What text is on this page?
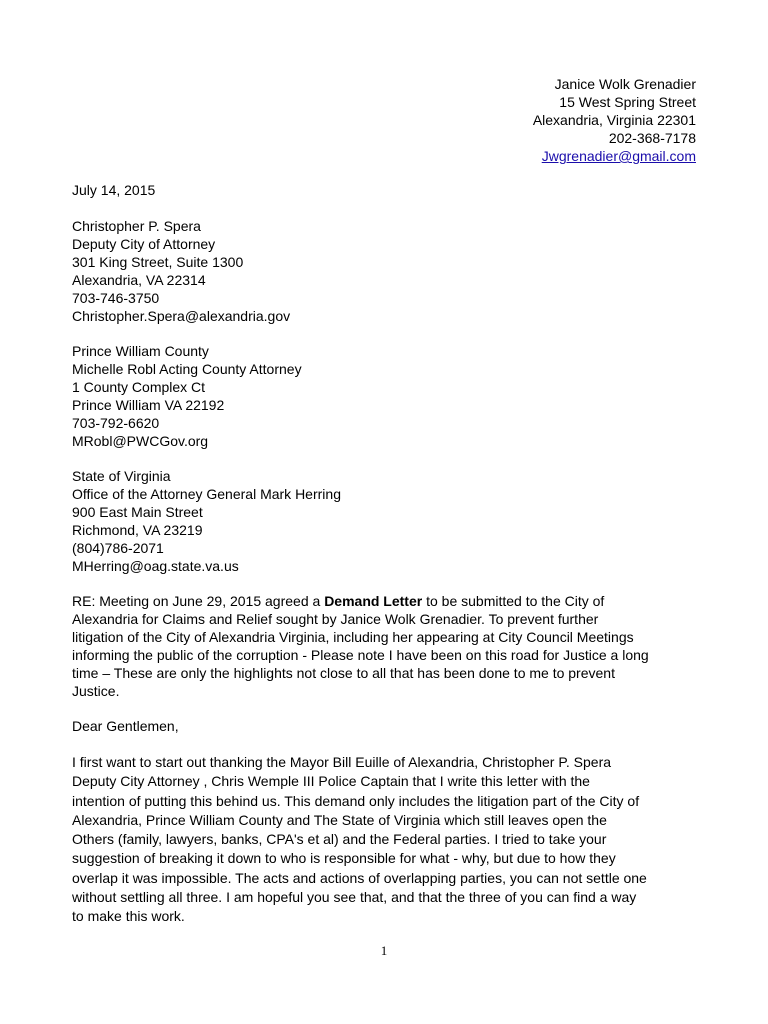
Janice Wolk Grenadier
15 West Spring Street
Alexandria, Virginia 22301
202-368-7178
Jwgrenadier@gmail.com
July 14, 2015
Christopher P. Spera
Deputy City of Attorney
301 King Street, Suite 1300
Alexandria, VA 22314
703-746-3750
Christopher.Spera@alexandria.gov
Prince William County
Michelle Robl Acting County Attorney
1 County Complex Ct
Prince William VA 22192
703-792-6620
MRobl@PWCGov.org
State of Virginia
Office of the Attorney General Mark Herring
900 East Main Street
Richmond, VA 23219
(804)786-2071
MHerring@oag.state.va.us
RE: Meeting on June 29, 2015 agreed a Demand Letter to be submitted to the City of
Alexandria for Claims and Relief sought by Janice Wolk Grenadier. To prevent further
litigation of the City of Alexandria Virginia, including her appearing at City Council Meetings
informing the public of the corruption - Please note I have been on this road for Justice a long
time – These are only the highlights not close to all that has been done to me to prevent
Justice.
Dear Gentlemen,
I first want to start out thanking the Mayor Bill Euille of Alexandria, Christopher P. Spera
Deputy City Attorney , Chris Wemple III Police Captain that I write this letter with the
intention of putting this behind us. This demand only includes the litigation part of the City of
Alexandria, Prince William County and The State of Virginia which still leaves open the
Others (family, lawyers, banks, CPA's et al) and the Federal parties. I tried to take your
suggestion of breaking it down to who is responsible for what - why, but due to how they
overlap it was impossible. The acts and actions of overlapping parties, you can not settle one
without settling all three. I am hopeful you see that, and that the three of you can find a way
to make this work.
1
